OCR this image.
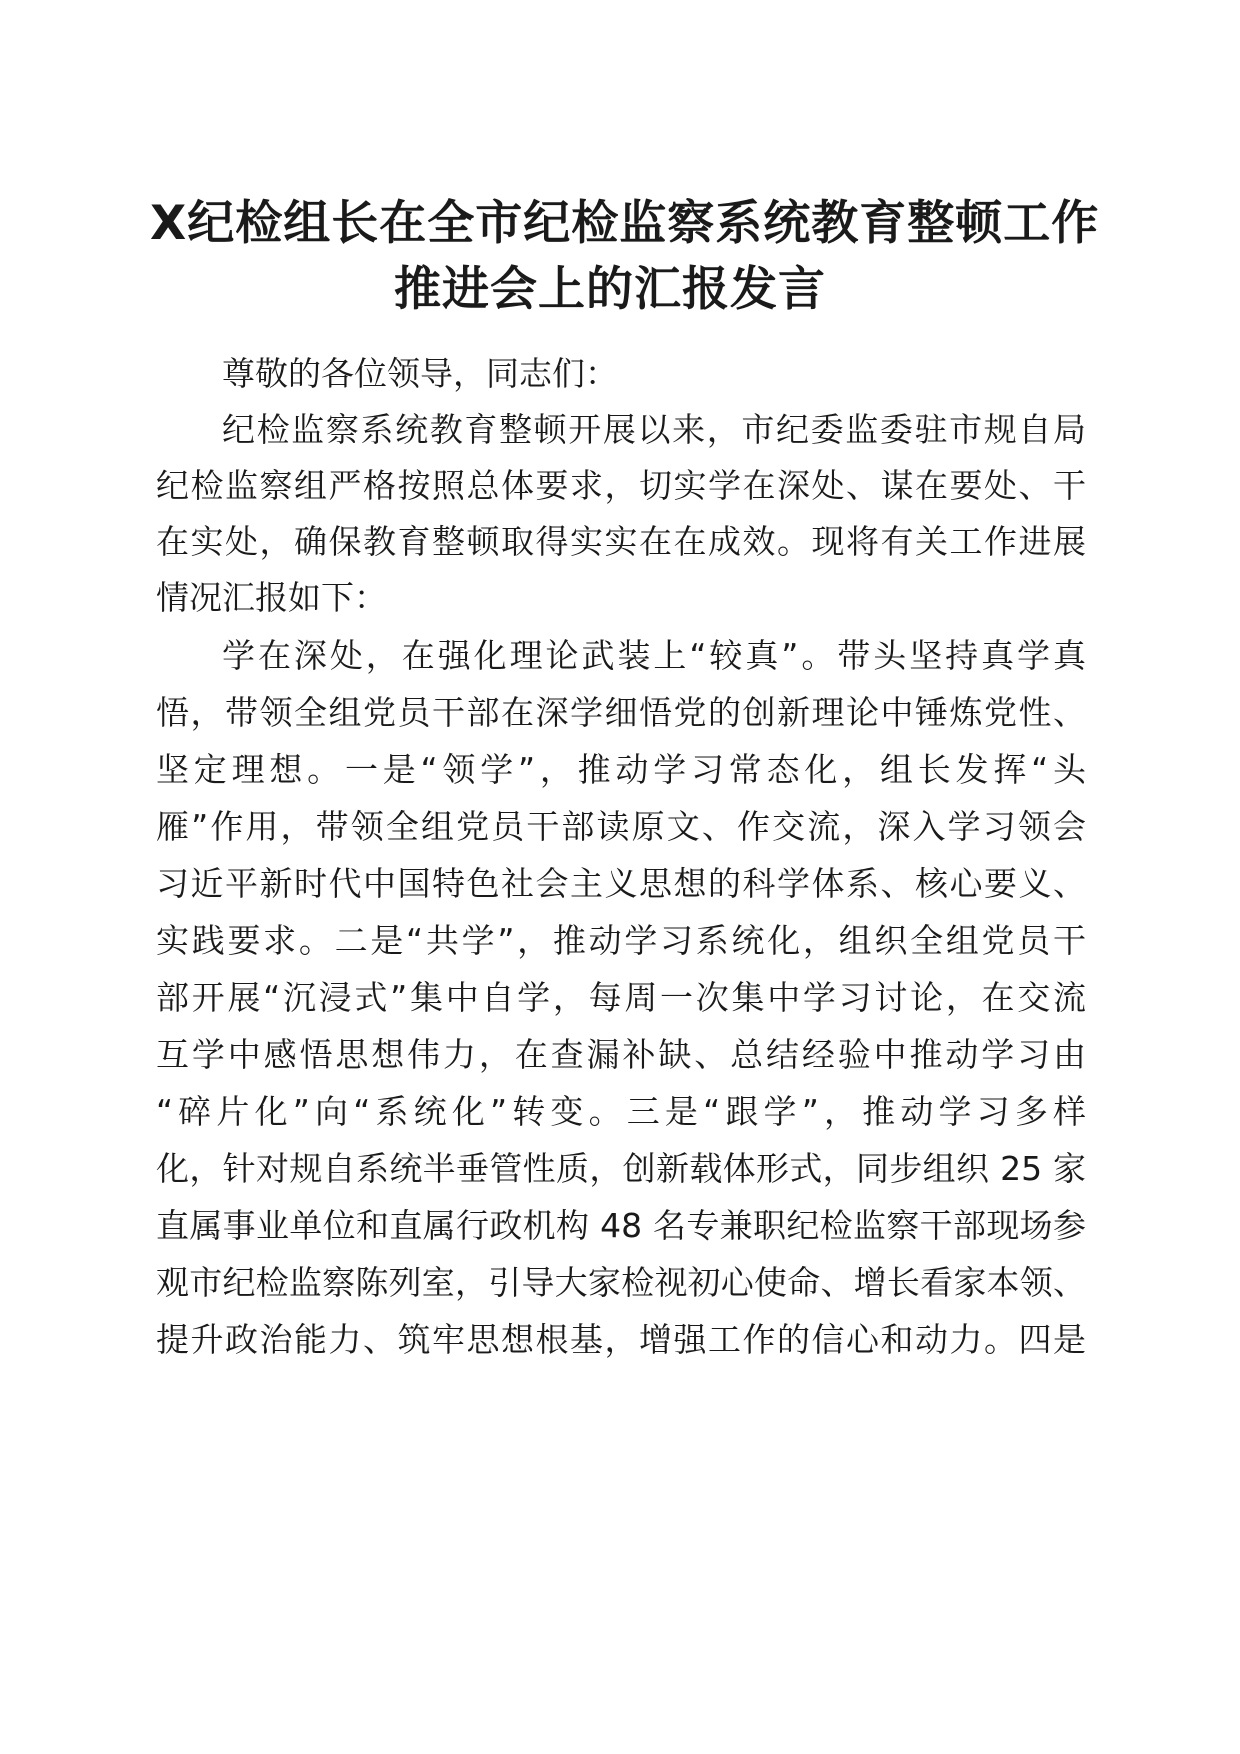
X纪检组长在全市纪检监察系统教育整顿工作
推进会上的汇报发言

尊敬的各位领导，同志们：

纪检监察系统教育整顿开展以来，市纪委监委驻市规自局

纪检监察组严格按照总体要求，切实学在深处、谋在要处、干

在实处，确保教育整顿取得实实在在成效。现将有关工作进展

情况汇报如下：

学在深处，在强化理论武装上“较真”。带头坚持真学真

悟，带领全组党员干部在深学细悟党的创新理论中锤炼党性、

坚定理想。一是“领学”，推动学习常态化，组长发挥“头

雁”作用，带领全组党员干部读原文、作交流，深入学习领会

习近平新时代中国特色社会主义思想的科学体系、核心要义、

实践要求。二是“共学”，推动学习系统化，组织全组党员干

部开展“沉浸式”集中自学，每周一次集中学习讨论，在交流

互学中感悟思想伟力，在查漏补缺、总结经验中推动学习由

“碎片化”向“系统化”转变。三是“跟学”，推动学习多样

化，针对规自系统半垂管性质，创新载体形式，同步组织 25 家

直属事业单位和直属行政机构 48 名专兼职纪检监察干部现场参

观市纪检监察陈列室，引导大家检视初心使命、增长看家本领、

提升政治能力、筑牢思想根基，增强工作的信心和动力。四是
